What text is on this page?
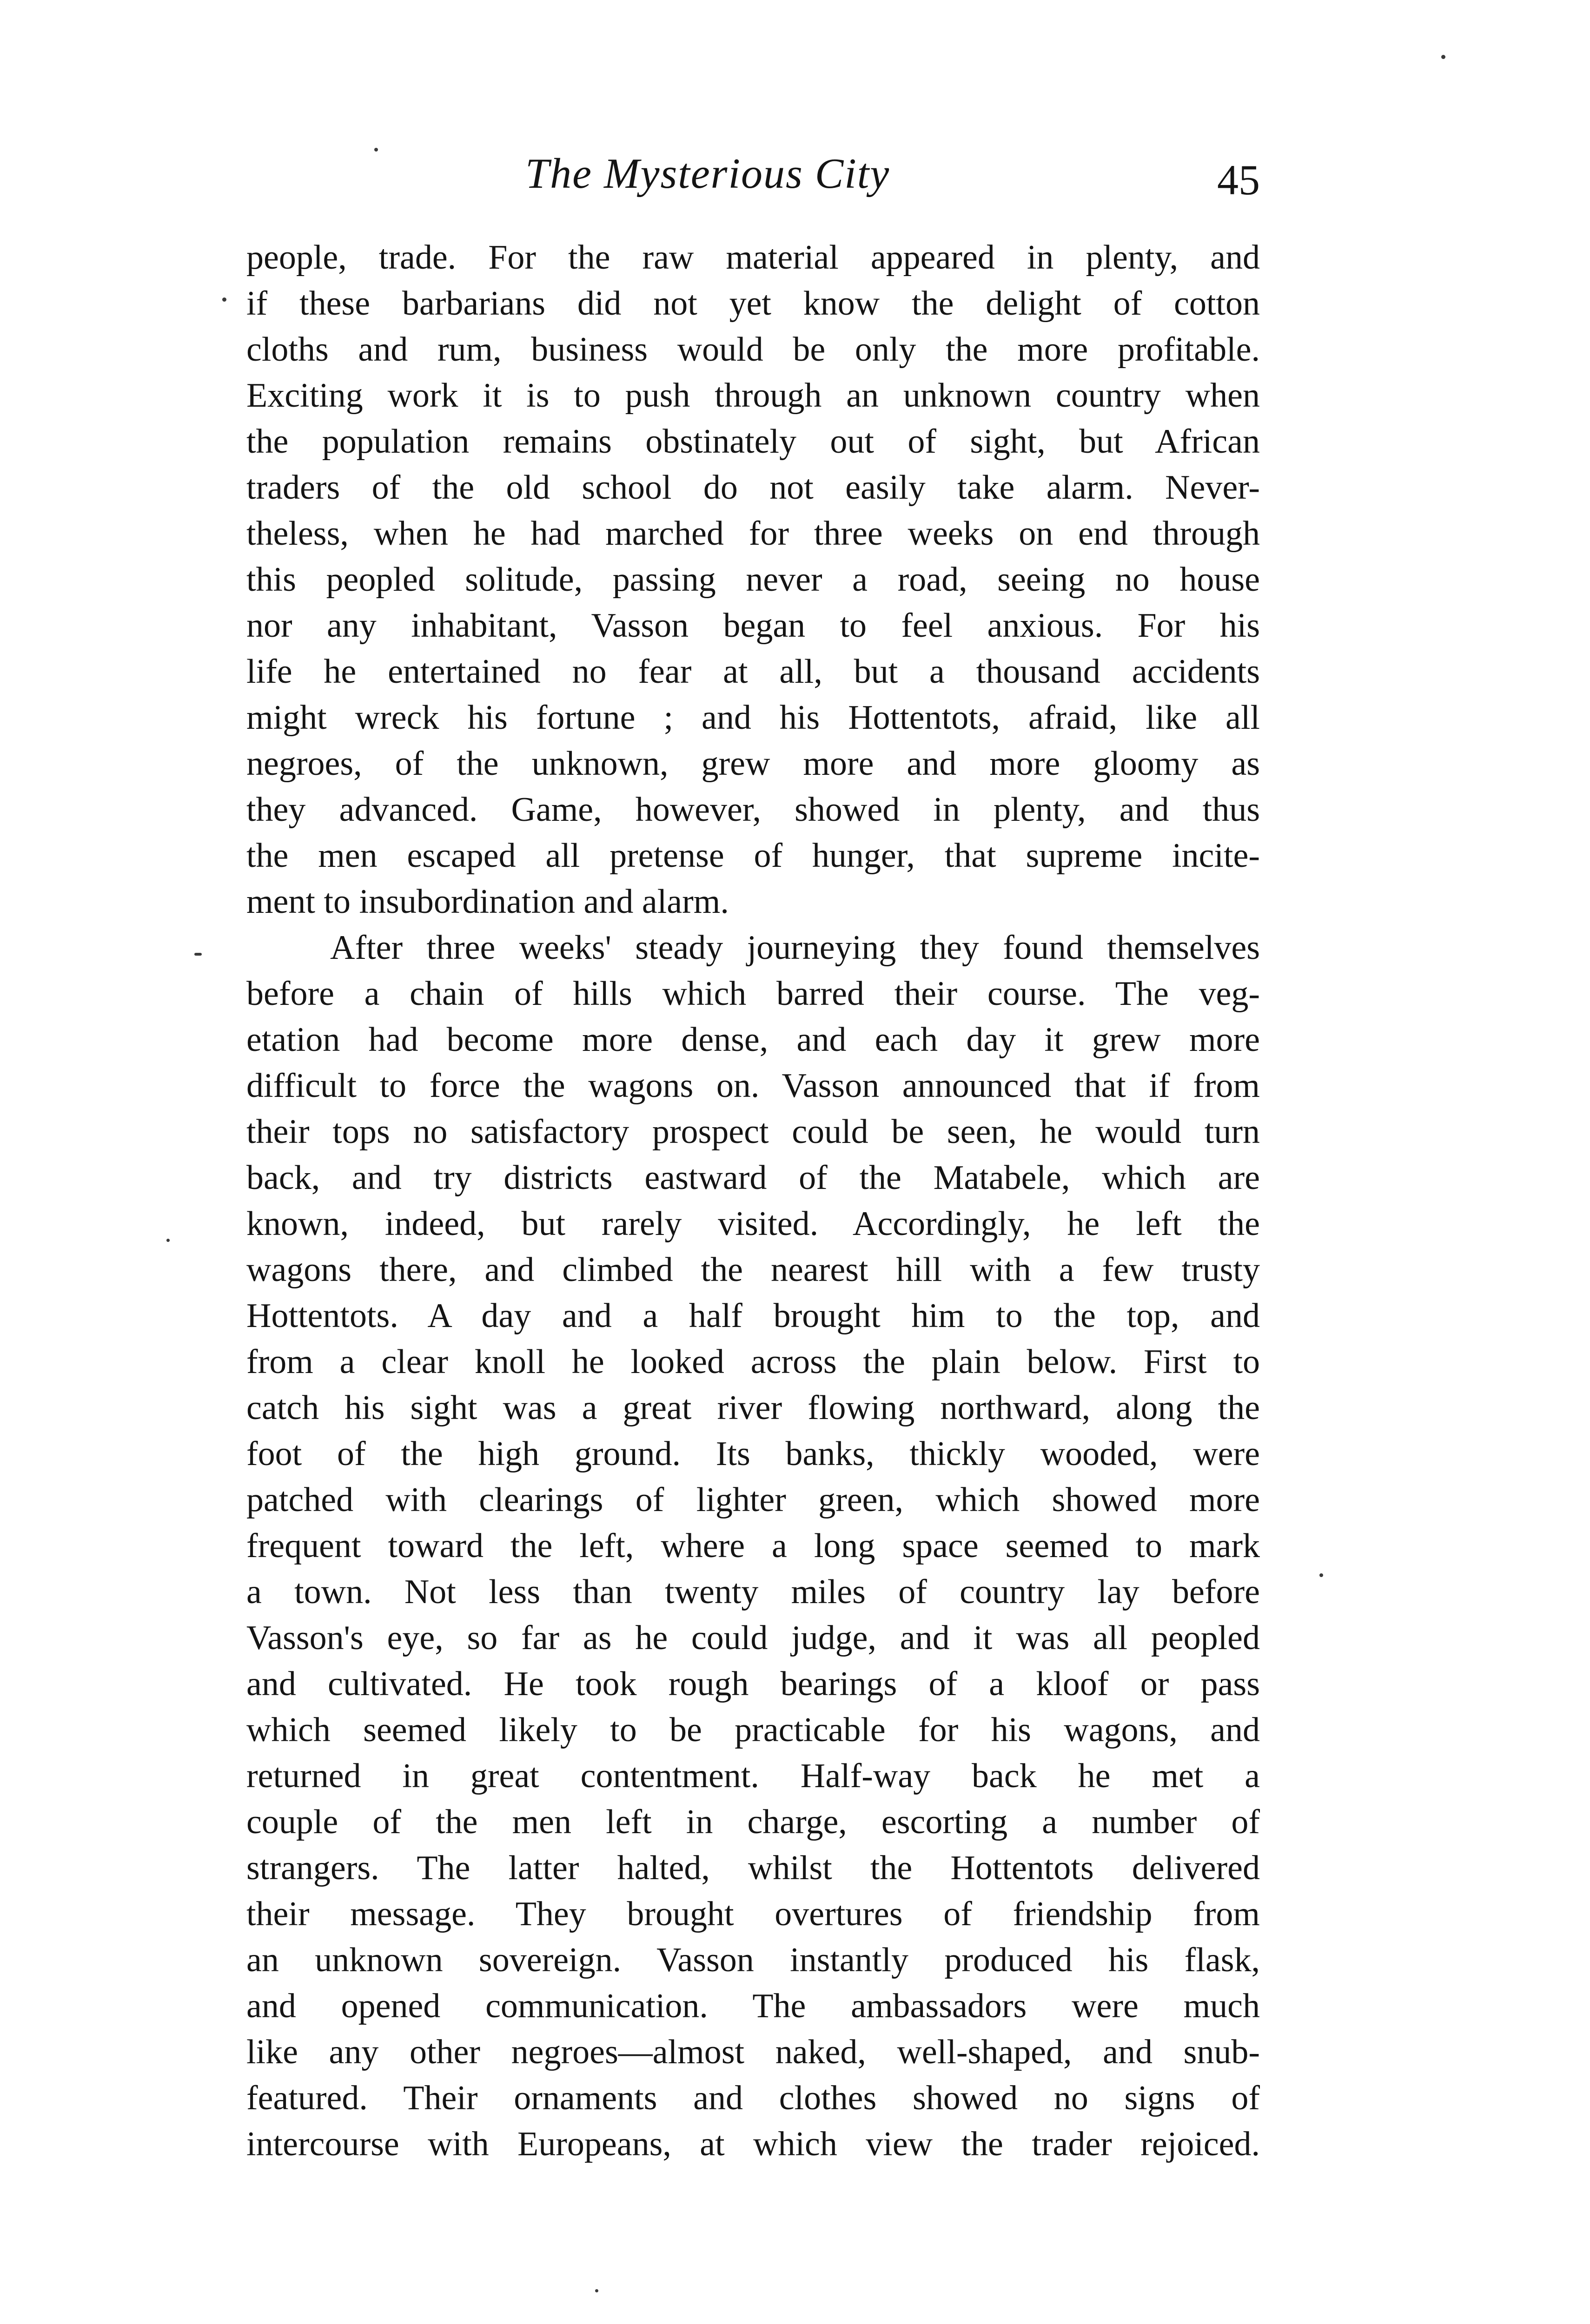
The Mysterious City	45
people, trade. For the raw material appeared in plenty, and
if these barbarians did not yet know the delight of cotton
cloths and rum, business would be only the more profitable.
Exciting work it is to push through an unknown country when
the population remains obstinately out of sight, but African
traders of the old school do not easily take alarm. Never-
theless, when he had marched for three weeks on end through
this peopled solitude, passing never a road, seeing no house
nor any inhabitant, Vasson began to feel anxious. For his
life he entertained no fear at all, but a thousand accidents
might wreck his fortune ; and his Hottentots, afraid, like all
negroes, of the unknown, grew more and more gloomy as
they advanced. Game, however, showed in plenty, and thus
the men escaped all pretense of hunger, that supreme incite-
ment to insubordination and alarm.
After three weeks' steady journeying they found themselves
before a chain of hills which barred their course. The veg-
etation had become more dense, and each day it grew more
difficult to force the wagons on. Vasson announced that if from
their tops no satisfactory prospect could be seen, he would turn
back, and try districts eastward of the Matabele, which are
known, indeed, but rarely visited. Accordingly, he left the
wagons there, and climbed the nearest hill with a few trusty
Hottentots. A day and a half brought him to the top, and
from a clear knoll he looked across the plain below. First to
catch his sight was a great river flowing northward, along the
foot of the high ground. Its banks, thickly wooded, were
patched with clearings of lighter green, which showed more
frequent toward the left, where a long space seemed to mark
a town. Not less than twenty miles of country lay before
Vasson's eye, so far as he could judge, and it was all peopled
and cultivated. He took rough bearings of a kloof or pass
which seemed likely to be practicable for his wagons, and
returned in great contentment. Half-way back he met a
couple of the men left in charge, escorting a number of
strangers. The latter halted, whilst the Hottentots delivered
their message. They brought overtures of friendship from
an unknown sovereign. Vasson instantly produced his flask,
and opened communication. The ambassadors were much
like any other negroes—almost naked, well-shaped, and snub-
featured. Their ornaments and clothes showed no signs of
intercourse with Europeans, at which view the trader rejoiced.
